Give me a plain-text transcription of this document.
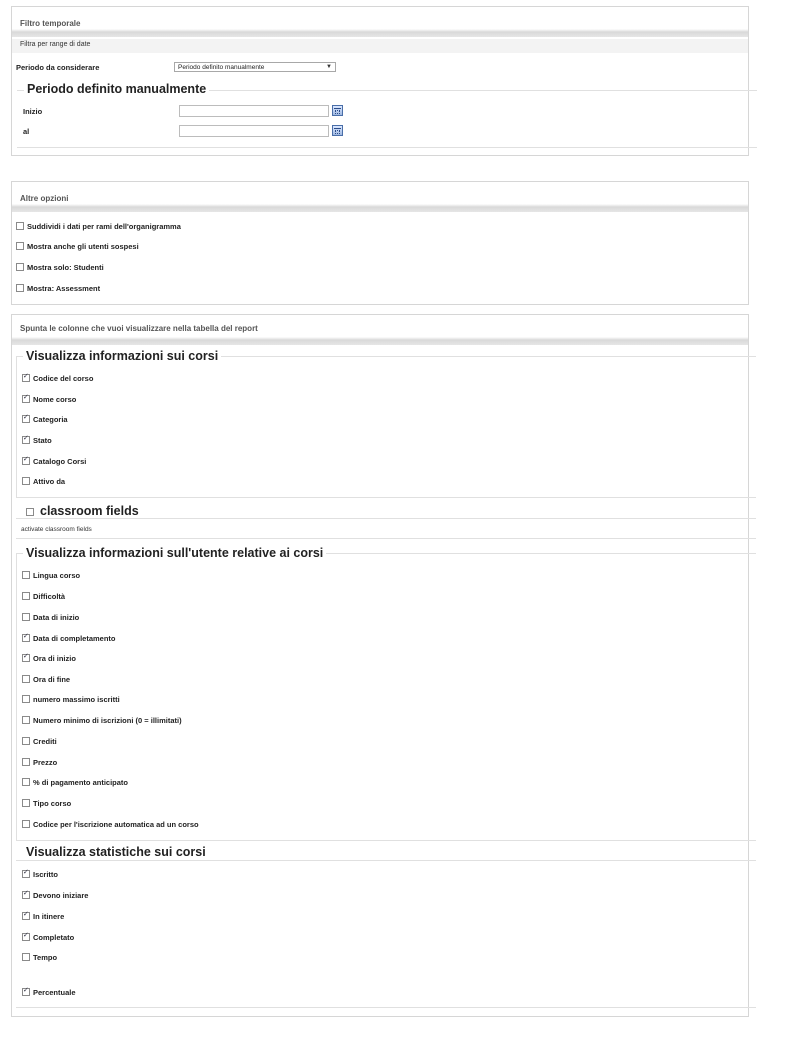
Filtro temporale
Filtra per range di date
Periodo da considerare	Periodo definito manualmente	▼
Periodo definito manualmente
Inizio
al
Altre opzioni
Suddividi i dati per rami dell'organigramma
Mostra anche gli utenti sospesi
Mostra solo: Studenti
Mostra: Assessment
Spunta le colonne che vuoi visualizzare nella tabella del report
Visualizza informazioni sui corsi
✓Codice del corso
✓Nome corso
✓Categoria
✓Stato
✓Catalogo Corsi
Attivo da
classroom fields
activate classroom fields
Visualizza informazioni sull'utente relative ai corsi
Lingua corso
Difficoltà
Data di inizio
✓Data di completamento
✓Ora di inizio
Ora di fine
numero massimo iscritti
Numero minimo di iscrizioni (0 = illimitati)
Crediti
Prezzo
% di pagamento anticipato
Tipo corso
Codice per l'iscrizione automatica ad un corso
Visualizza statistiche sui corsi
✓Iscritto
✓Devono iniziare
✓In itinere
✓Completato
Tempo
✓Percentuale
